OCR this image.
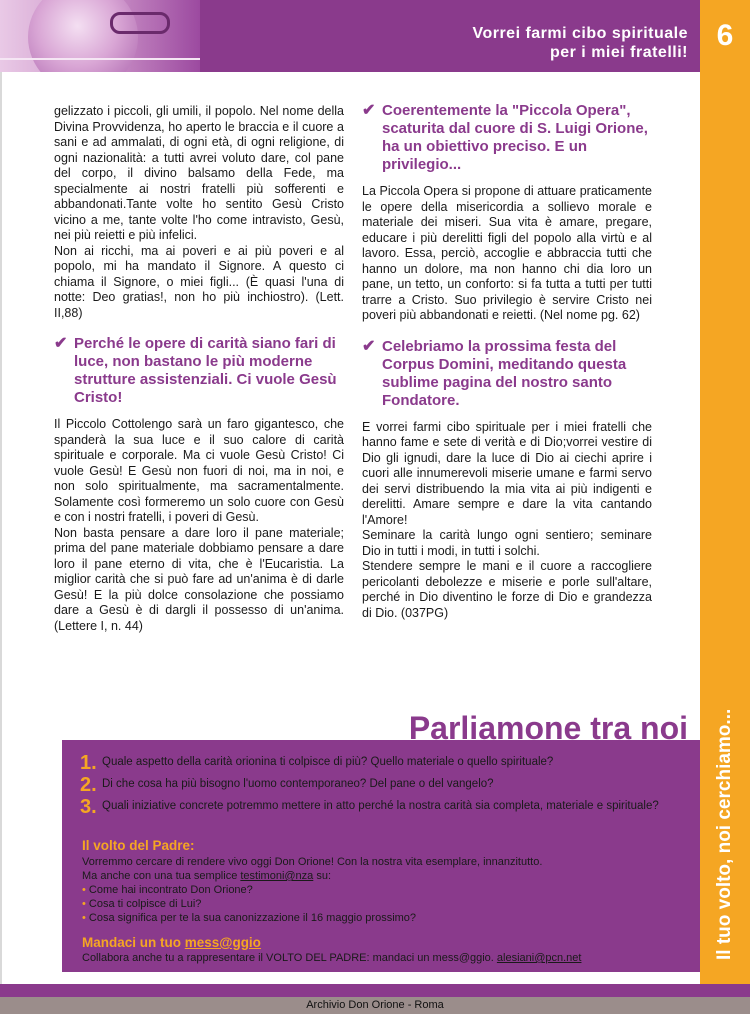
Vorrei farmi cibo spirituale
per i miei fratelli!
6
Il tuo volto, noi cerchiamo...

gelizzato i piccoli, gli umili, il popolo. Nel nome della Divina Provvidenza, ho aperto le braccia e il cuore a sani e ad ammalati, di ogni età, di ogni religione, di ogni nazionalità: a tutti avrei voluto dare, col pane del corpo, il divino balsamo della Fede, ma specialmente ai nostri fratelli più sofferenti e abbandonati.Tante volte ho sentito Gesù Cristo vicino a me, tante volte l'ho come intravisto, Gesù, nei più reietti e più infelici.

Non ai ricchi, ma ai poveri e ai più poveri e al popolo, mi ha mandato il Signore. A questo ci chiama il Signore, o miei figli... (È quasi l'una di notte: Deo gratias!, non ho più inchiostro). (Lett. II,88)

✔ Perché le opere di carità siano fari di luce, non bastano le più moderne strutture assistenziali. Ci vuole Gesù Cristo!

Il Piccolo Cottolengo sarà un faro gigantesco, che spanderà la sua luce e il suo calore di carità spirituale e corporale. Ma ci vuole Gesù Cristo! Ci vuole Gesù! E Gesù non fuori di noi, ma in noi, e non solo spiritualmente, ma sacramentalmente. Solamente così formeremo un solo cuore con Gesù e con i nostri fratelli, i poveri di Gesù.

Non basta pensare a dare loro il pane materiale; prima del pane materiale dobbiamo pensare a dare loro il pane eterno di vita, che è l'Eucaristia. La miglior carità che si può fare ad un'anima è di darle Gesù! E la più dolce consolazione che possiamo dare a Gesù è di dargli il possesso di un'anima. (Lettere I, n. 44)

✔ Coerentemente la "Piccola Opera", scaturita dal cuore di S. Luigi Orione, ha un obiettivo preciso. E un privilegio...

La Piccola Opera si propone di attuare praticamente le opere della misericordia a sollievo morale e materiale dei miseri. Sua vita è amare, pregare, educare i più derelitti figli del popolo alla virtù e al lavoro. Essa, perciò, accoglie e abbraccia tutti che hanno un dolore, ma non hanno chi dia loro un pane, un tetto, un conforto: si fa tutta a tutti per tutti trarre a Cristo. Suo privilegio è servire Cristo nei poveri più abbandonati e reietti. (Nel nome pg. 62)

✔ Celebriamo la prossima festa del Corpus Domini, meditando questa sublime pagina del nostro santo Fondatore.

E vorrei farmi cibo spirituale per i miei fratelli che hanno fame e sete di verità e di Dio;vorrei vestire di Dio gli ignudi, dare la luce di Dio ai ciechi aprire i cuori alle innumerevoli miserie umane e farmi servo dei servi distribuendo la mia vita ai più indigenti e derelitti. Amare sempre e dare la vita cantando l'Amore!

Seminare la carità lungo ogni sentiero; seminare Dio in tutti i modi, in tutti i solchi.

Stendere sempre le mani e il cuore a raccogliere pericolanti debolezze e miserie e porle sull'altare, perché in Dio diventino le forze di Dio e grandezza di Dio. (037PG)

Parliamone tra noi
1. Quale aspetto della carità orionina ti colpisce di più? Quello materiale o quello spirituale?
2. Di che cosa ha più bisogno l'uomo contemporaneo? Del pane o del vangelo?
3. Quali iniziative concrete potremmo mettere in atto perché la nostra carità sia completa, materiale e spirituale?
Il volto del Padre:
Vorremmo cercare di rendere vivo oggi Don Orione! Con la nostra vita esemplare, innanzitutto.
Ma anche con una tua semplice testimoni@nza su:
• Come hai incontrato Don Orione?
• Cosa ti colpisce di Lui?
• Cosa significa per te la sua canonizzazione il 16 maggio prossimo?
Mandaci un tuo mess@ggio
Collabora anche tu a rappresentare il VOLTO DEL PADRE: mandaci un mess@ggio. alesiani@pcn.net
Archivio Don Orione - Roma
